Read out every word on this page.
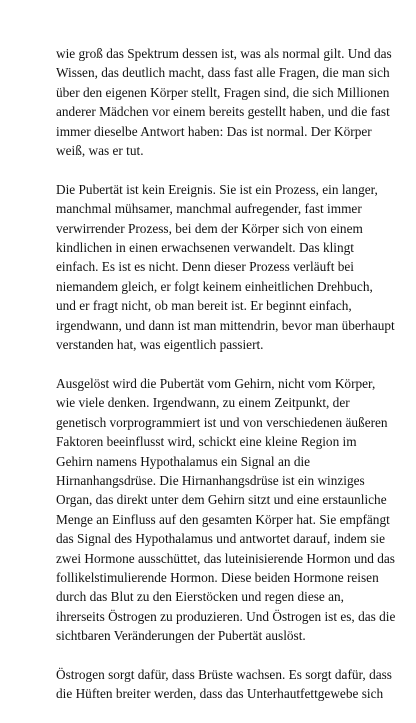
wie groß das Spektrum dessen ist, was als normal gilt. Und das
Wissen, das deutlich macht, dass fast alle Fragen, die man sich
über den eigenen Körper stellt, Fragen sind, die sich Millionen
anderer Mädchen vor einem bereits gestellt haben, und die fast
immer dieselbe Antwort haben: Das ist normal. Der Körper
weiß, was er tut.

Die Pubertät ist kein Ereignis. Sie ist ein Prozess, ein langer,
manchmal mühsamer, manchmal aufregender, fast immer
verwirrender Prozess, bei dem der Körper sich von einem
kindlichen in einen erwachsenen verwandelt. Das klingt
einfach. Es ist es nicht. Denn dieser Prozess verläuft bei
niemandem gleich, er folgt keinem einheitlichen Drehbuch,
und er fragt nicht, ob man bereit ist. Er beginnt einfach,
irgendwann, und dann ist man mittendrin, bevor man überhaupt
verstanden hat, was eigentlich passiert.

Ausgelöst wird die Pubertät vom Gehirn, nicht vom Körper,
wie viele denken. Irgendwann, zu einem Zeitpunkt, der
genetisch vorprogrammiert ist und von verschiedenen äußeren
Faktoren beeinflusst wird, schickt eine kleine Region im
Gehirn namens Hypothalamus ein Signal an die
Hirnanhangsdrüse. Die Hirnanhangsdrüse ist ein winziges
Organ, das direkt unter dem Gehirn sitzt und eine erstaunliche
Menge an Einfluss auf den gesamten Körper hat. Sie empfängt
das Signal des Hypothalamus und antwortet darauf, indem sie
zwei Hormone ausschüttet, das luteinisierende Hormon und das
follikelstimulierende Hormon. Diese beiden Hormone reisen
durch das Blut zu den Eierstöcken und regen diese an,
ihrerseits Östrogen zu produzieren. Und Östrogen ist es, das die
sichtbaren Veränderungen der Pubertät auslöst.

Östrogen sorgt dafür, dass Brüste wachsen. Es sorgt dafür, dass
die Hüften breiter werden, dass das Unterhautfettgewebe sich
